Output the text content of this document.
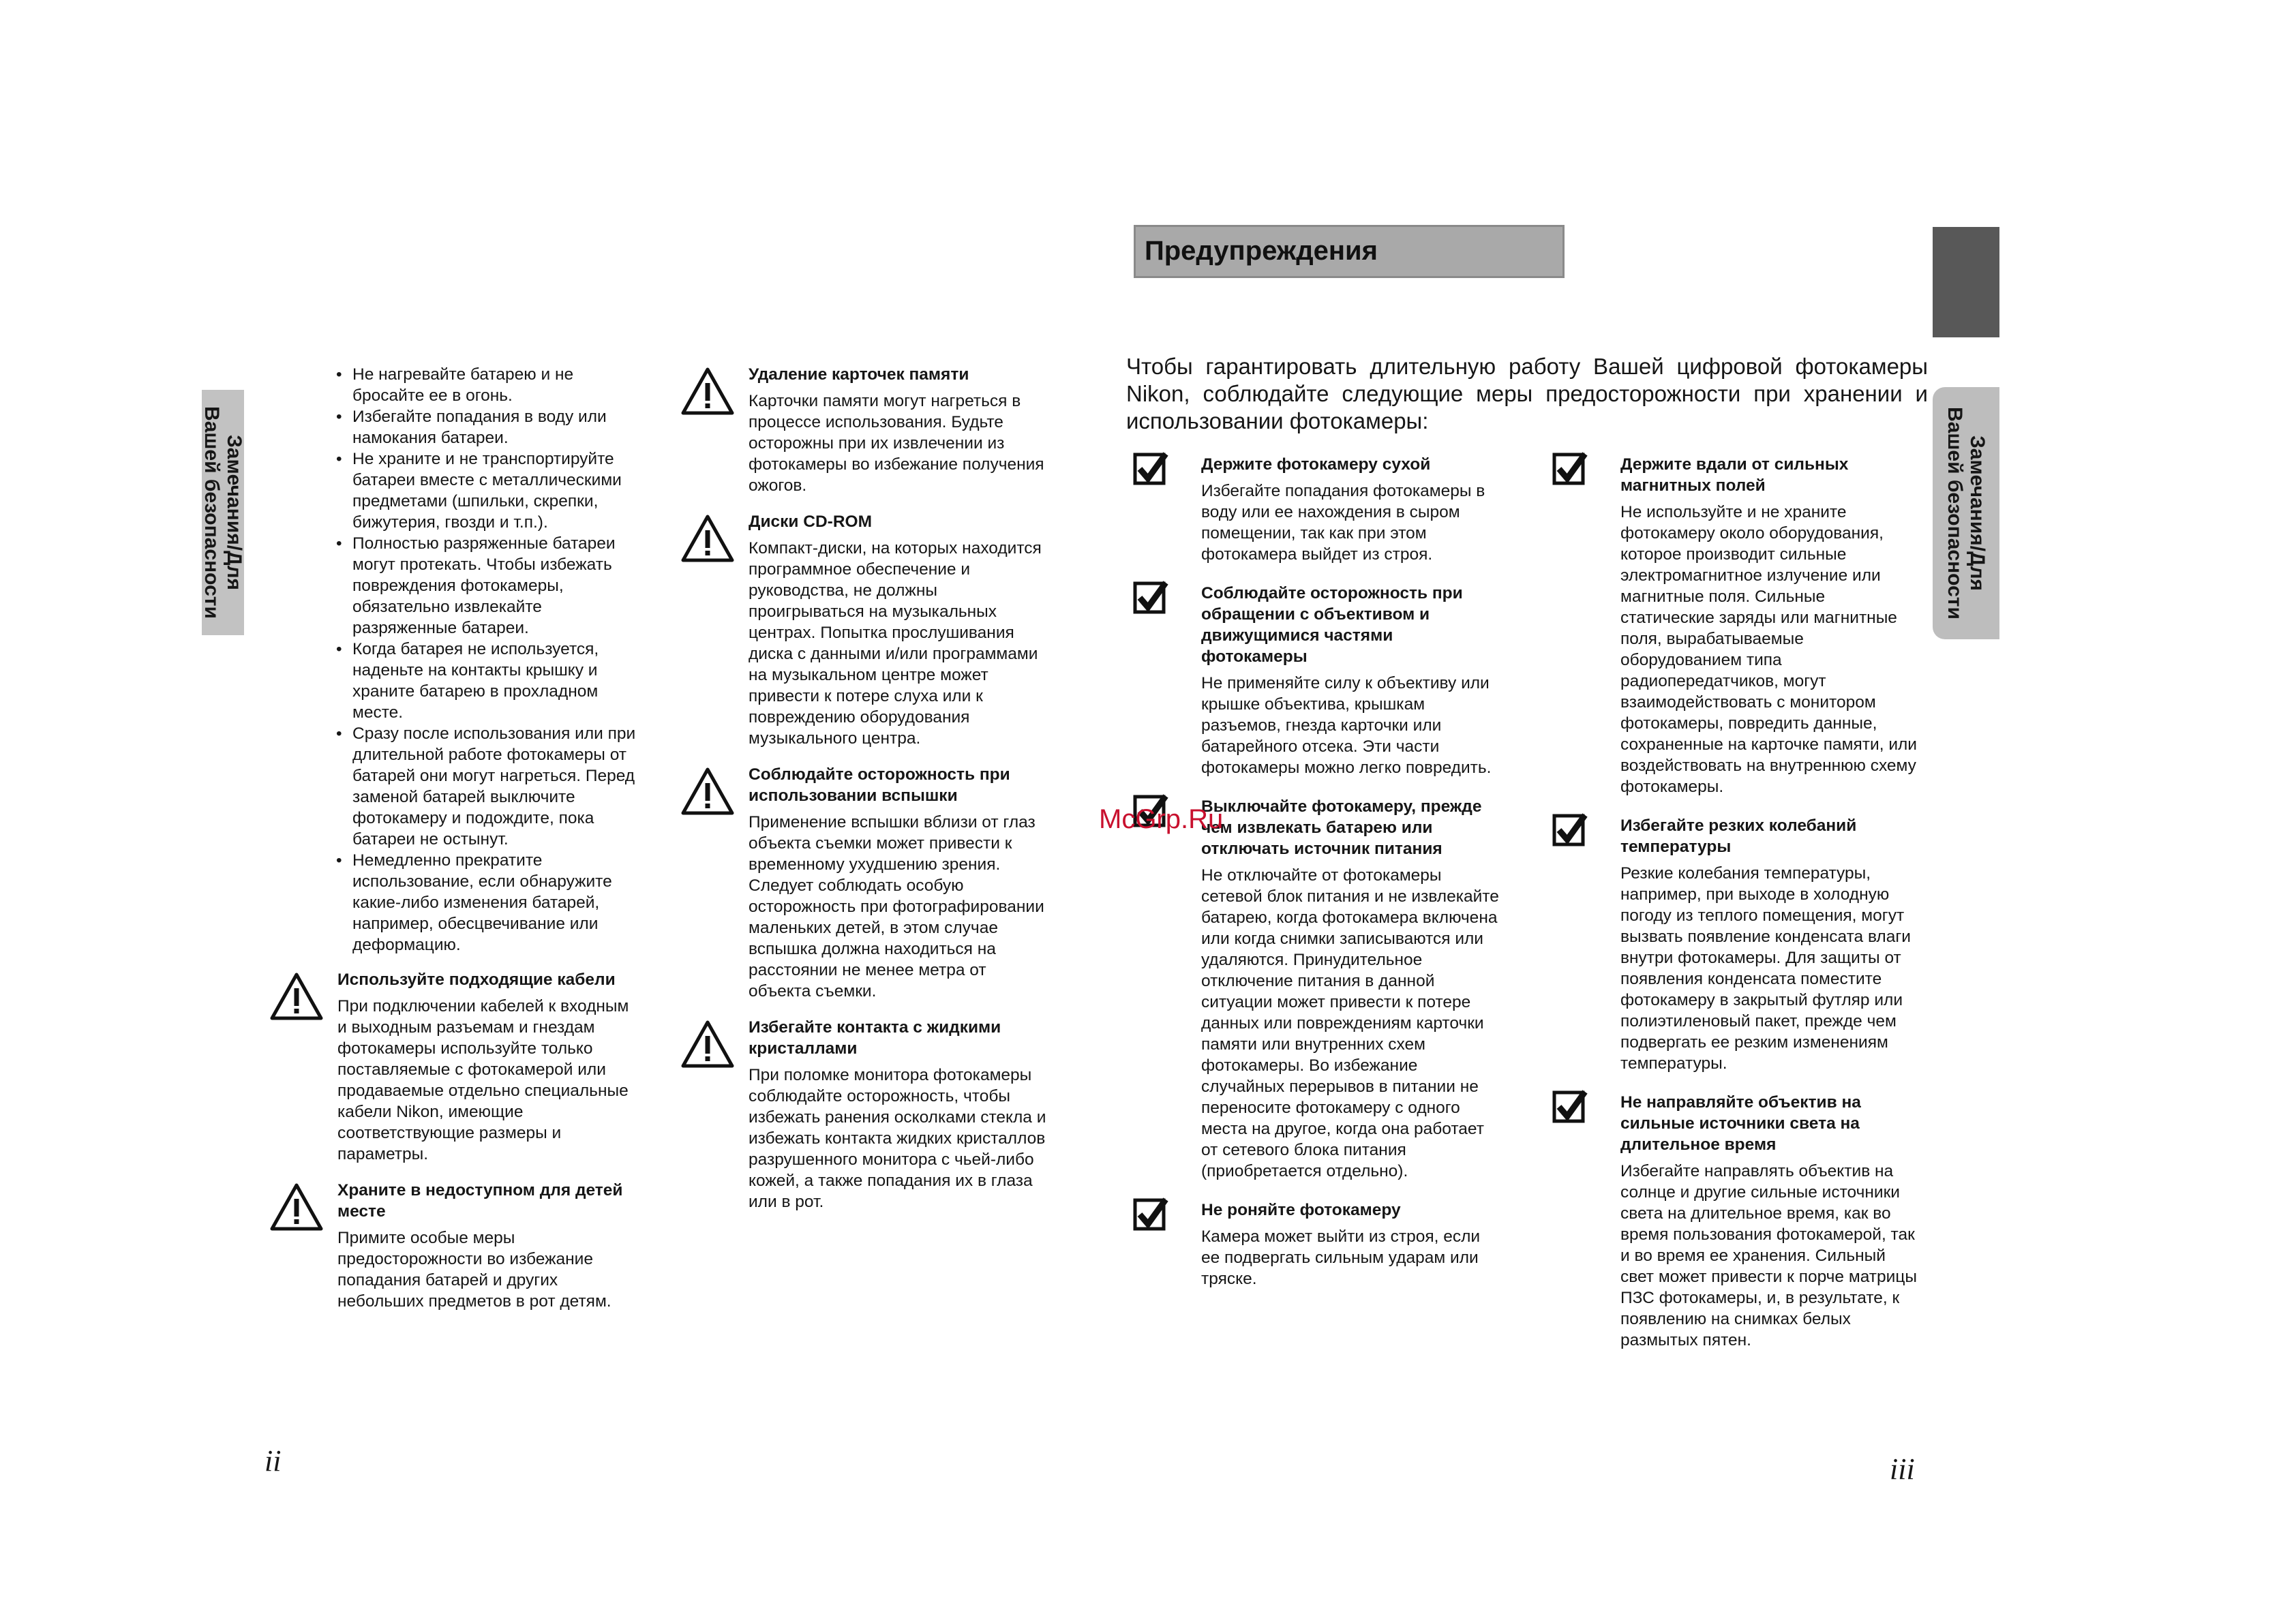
Замечания/Для
Вашей безопасности	Замечания/Для
Вашей безопасности
• Не нагревайте батарею и не бросайте ее в огонь.
• Избегайте попадания в воду или намокания батареи.
• Не храните и не транспортируйте батареи вместе с металлическими предметами (шпильки, скрепки, бижутерия, гвозди и т.п.).
• Полностью разряженные батареи могут протекать. Чтобы избежать повреждения фотокамеры, обязательно извлекайте разряженные батареи.
• Когда батарея не используется, наденьте на контакты крышку и храните батарею в прохладном месте.
• Сразу после использования или при длительной работе фотокамеры от батарей они могут нагреться. Перед заменой батарей выключите фотокамеру и подождите, пока батареи не остынут.
• Немедленно прекратите использование, если обнаружите какие-либо изменения батарей, например, обесцвечивание или деформацию.

Используйте подходящие кабели

При подключении кабелей к входным и выходным разъемам и гнездам фотокамеры используйте только поставляемые с фотокамерой или продаваемые отдельно специальные кабели Nikon, имеющие соответствующие размеры и параметры.

Храните в недоступном для детей месте

Примите особые меры предосторожности во избежание попадания батарей и других небольших предметов в рот детям.

Удаление карточек памяти

Карточки памяти могут нагреться в процессе использования. Будьте осторожны при их извлечении из фотокамеры во избежание получения ожогов.

Диски CD-ROM

Компакт-диски, на которых находится программное обеспечение и руководства, не должны проигрываться на музыкальных центрах. Попытка прослушивания диска с данными и/или программами на музыкальном центре может привести к потере слуха или к повреждению оборудования музыкального центра.

Соблюдайте осторожность при использовании вспышки

Применение вспышки вблизи от глаз объекта съемки может привести к временному ухудшению зрения. Следует соблюдать особую осторожность при фотографировании маленьких детей, в этом случае вспышка должна находиться на расстоянии не менее метра от объекта съемки.

Избегайте контакта с жидкими кристаллами

При поломке монитора фотокамеры соблюдайте осторожность, чтобы избежать ранения осколками стекла и избежать контакта жидких кристаллов разрушенного монитора с чьей-либо кожей, а также попадания их в глаза или в рот.

Предупреждения
Чтобы гарантировать длительную работу Вашей цифровой фотокамеры Nikon, соблюдайте следующие меры предосторожности при хранении и использовании фотокамеры:

Держите фотокамеру сухой

Избегайте попадания фотокамеры в воду или ее нахождения в сыром помещении, так как при этом фотокамера выйдет из строя.

Соблюдайте осторожность при обращении с объективом и движущимися частями фотокамеры

Не применяйте силу к объективу или крышке объектива, крышкам разъемов, гнезда карточки или батарейного отсека. Эти части фотокамеры можно легко повредить.

Выключайте фотокамеру, прежде чем извлекать батарею или отключать источник питания

Не отключайте от фотокамеры сетевой блок питания и не извлекайте батарею, когда фотокамера включена или когда снимки записываются или удаляются. Принудительное отключение питания в данной ситуации может привести к потере данных или повреждениям карточки памяти или внутренних схем фотокамеры. Во избежание случайных перерывов в питании не переносите фотокамеру с одного места на другое, когда она работает от сетевого блока питания (приобретается отдельно).

Не роняйте фотокамеру

Камера может выйти из строя, если ее подвергать сильным ударам или тряске.

Держите вдали от сильных магнитных полей

Не используйте и не храните фотокамеру около оборудования, которое производит сильные электромагнитное излучение или магнитные поля. Сильные статические заряды или магнитные поля, вырабатываемые оборудованием типа радиопередатчиков, могут взаимодействовать с монитором фотокамеры, повредить данные, сохраненные на карточке памяти, или воздействовать на внутреннюю схему фотокамеры.

Избегайте резких колебаний температуры

Резкие колебания температуры, например, при выходе в холодную погоду из теплого помещения, могут вызвать появление конденсата влаги внутри фотокамеры. Для защиты от появления конденсата поместите фотокамеру в закрытый футляр или полиэтиленовый пакет, прежде чем подвергать ее резким изменениям температуры.

Не направляйте объектив на сильные источники света на длительное время

Избегайте направлять объектив на солнце и другие сильные источники света на длительное время, как во время пользования фотокамерой, так и во время ее хранения. Сильный свет может привести к порче матрицы ПЗС фотокамеры, и, в результате, к появлению на снимках белых размытых пятен.

McGrp.Ru
ii	iii
